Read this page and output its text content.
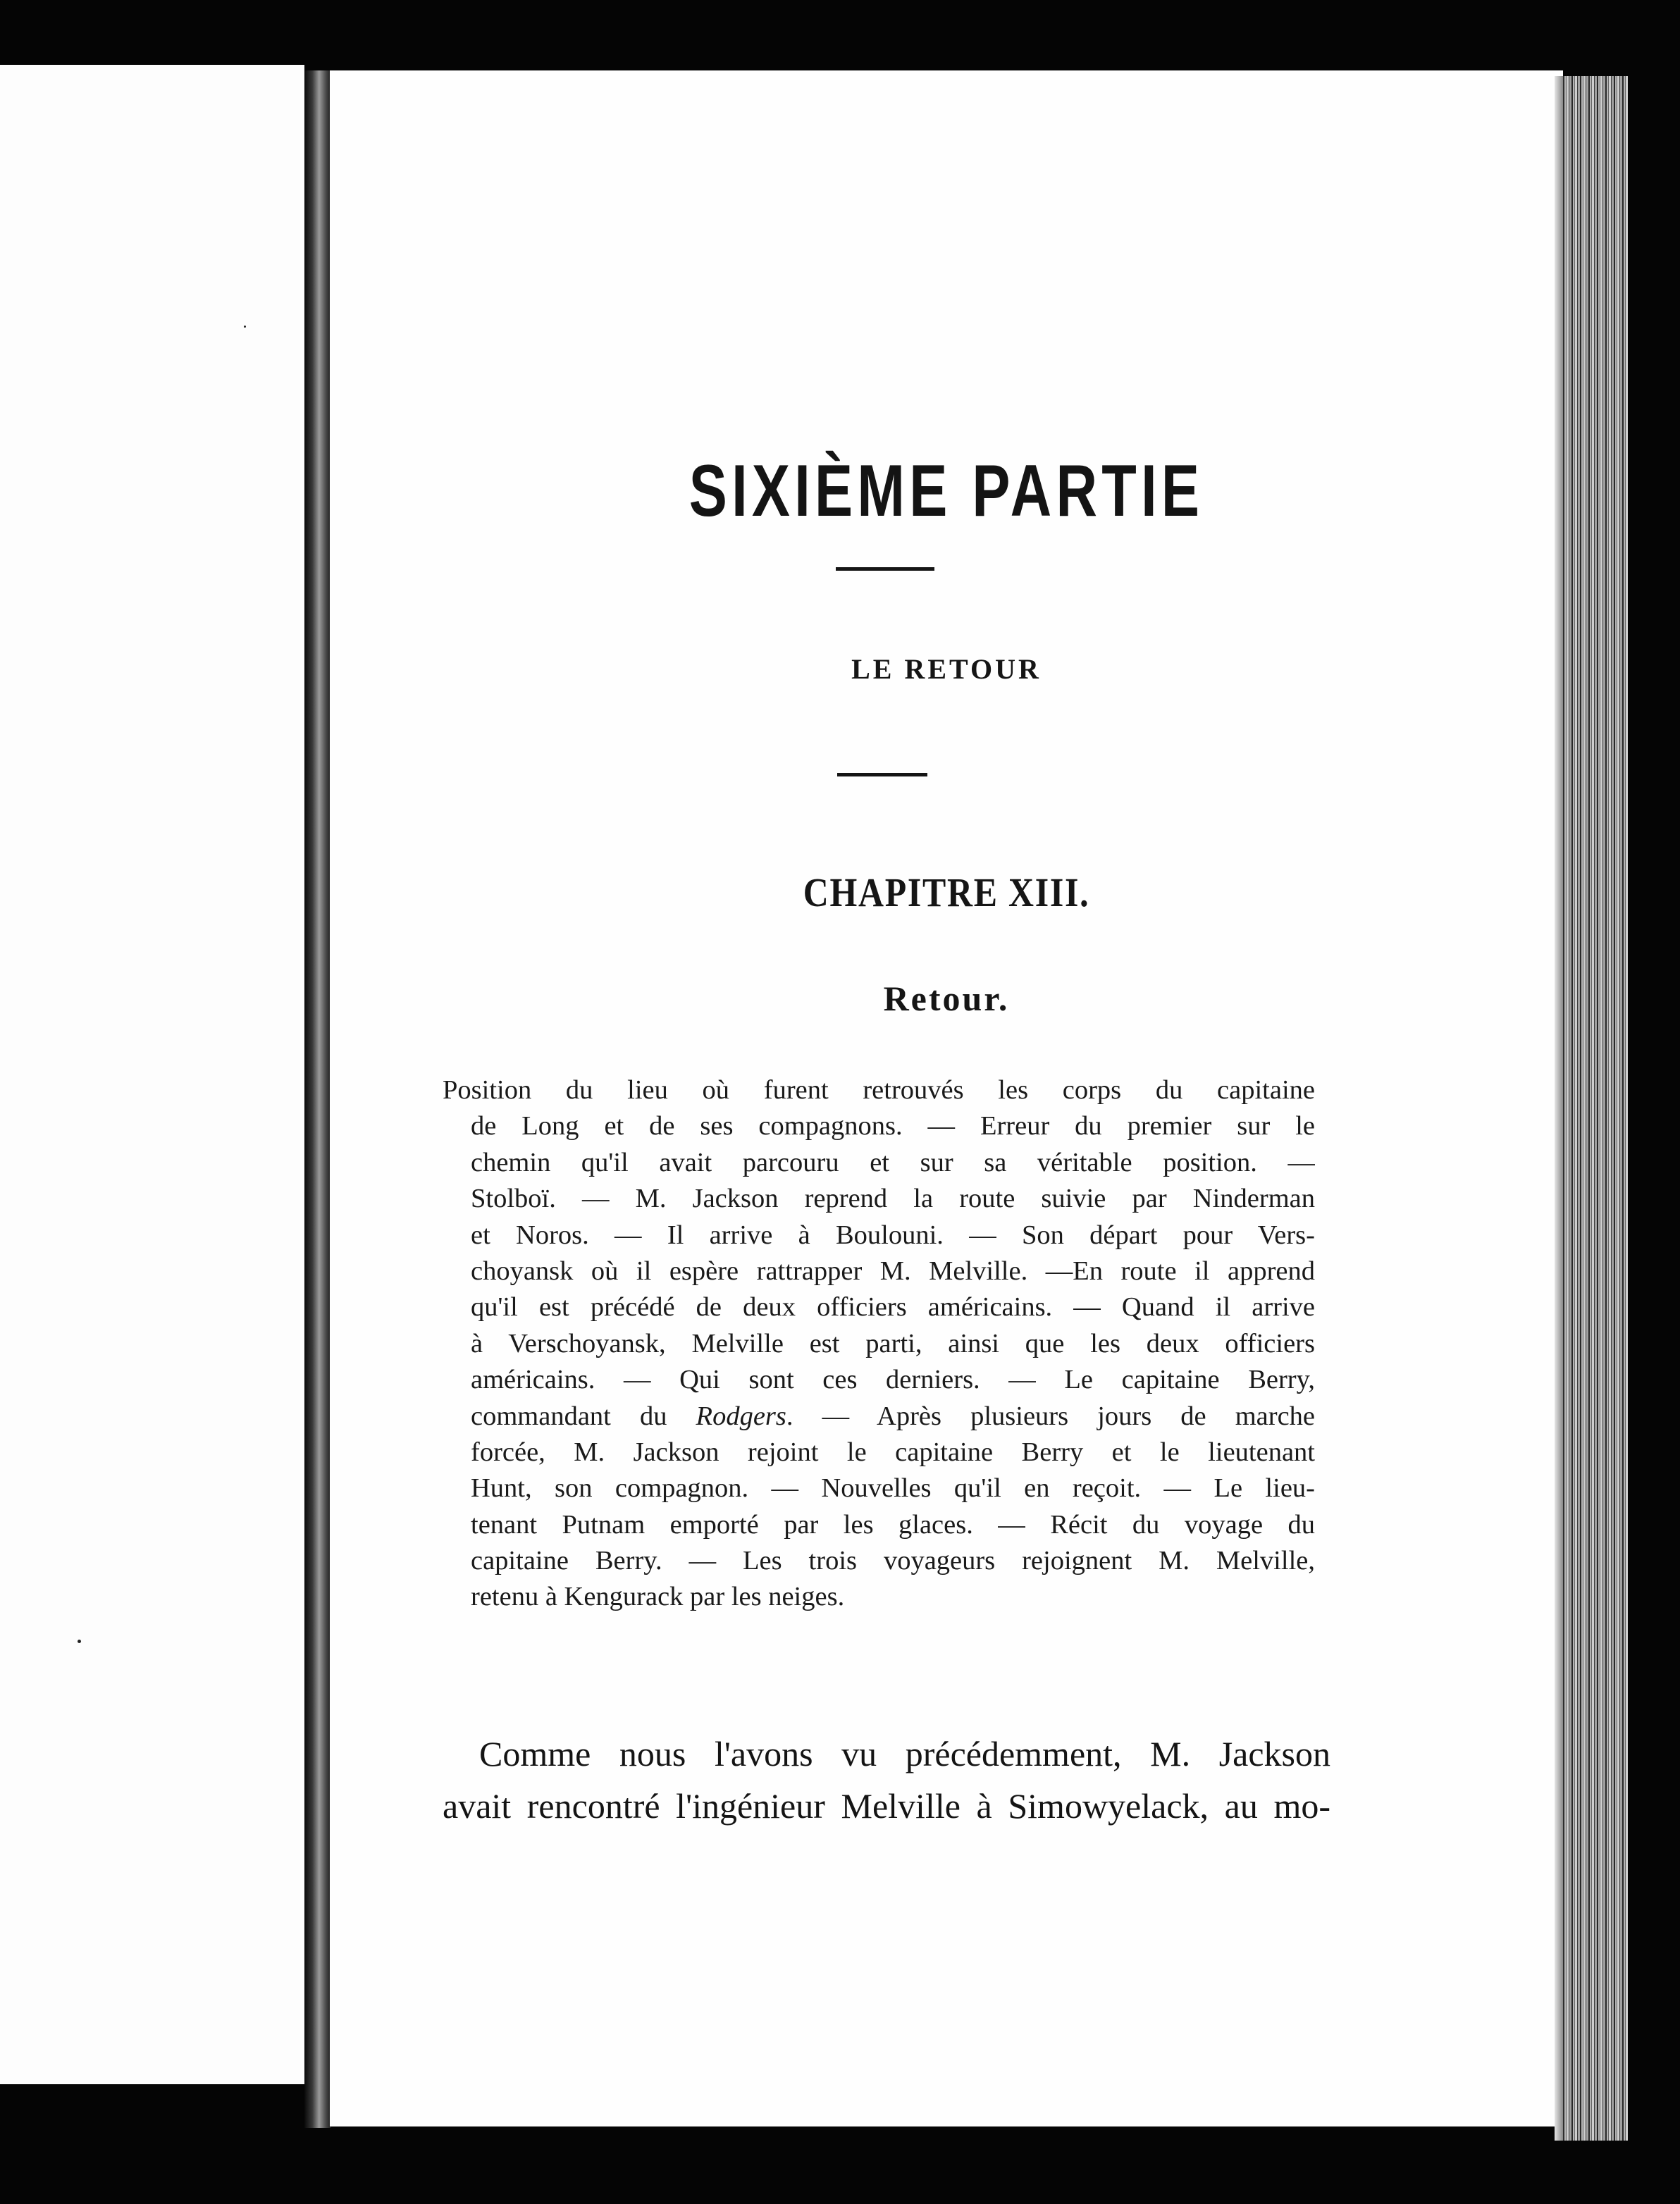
SIXIÈME PARTIE
LE RETOUR
CHAPITRE XIII.
Retour.
Position du lieu où furent retrouvés les corps du capitaine
de Long et de ses compagnons. — Erreur du premier sur le
chemin qu'il avait parcouru et sur sa véritable position. —
Stolboï. — M. Jackson reprend la route suivie par Ninderman
et Noros. — Il arrive à Boulouni. — Son départ pour Vers-
choyansk où il espère rattrapper M. Melville. —En route il apprend
qu'il est précédé de deux officiers américains. — Quand il arrive
à Verschoyansk, Melville est parti, ainsi que les deux officiers
américains. — Qui sont ces derniers. — Le capitaine Berry,
commandant du Rodgers. — Après plusieurs jours de marche
forcée, M. Jackson rejoint le capitaine Berry et le lieutenant
Hunt, son compagnon. — Nouvelles qu'il en reçoit. — Le lieu-
tenant Putnam emporté par les glaces. — Récit du voyage du
capitaine Berry. — Les trois voyageurs rejoignent M. Melville,
retenu à Kengurack par les neiges.
Comme nous l'avons vu précédemment, M. Jackson
avait rencontré l'ingénieur Melville à Simowyelack, au mo-
